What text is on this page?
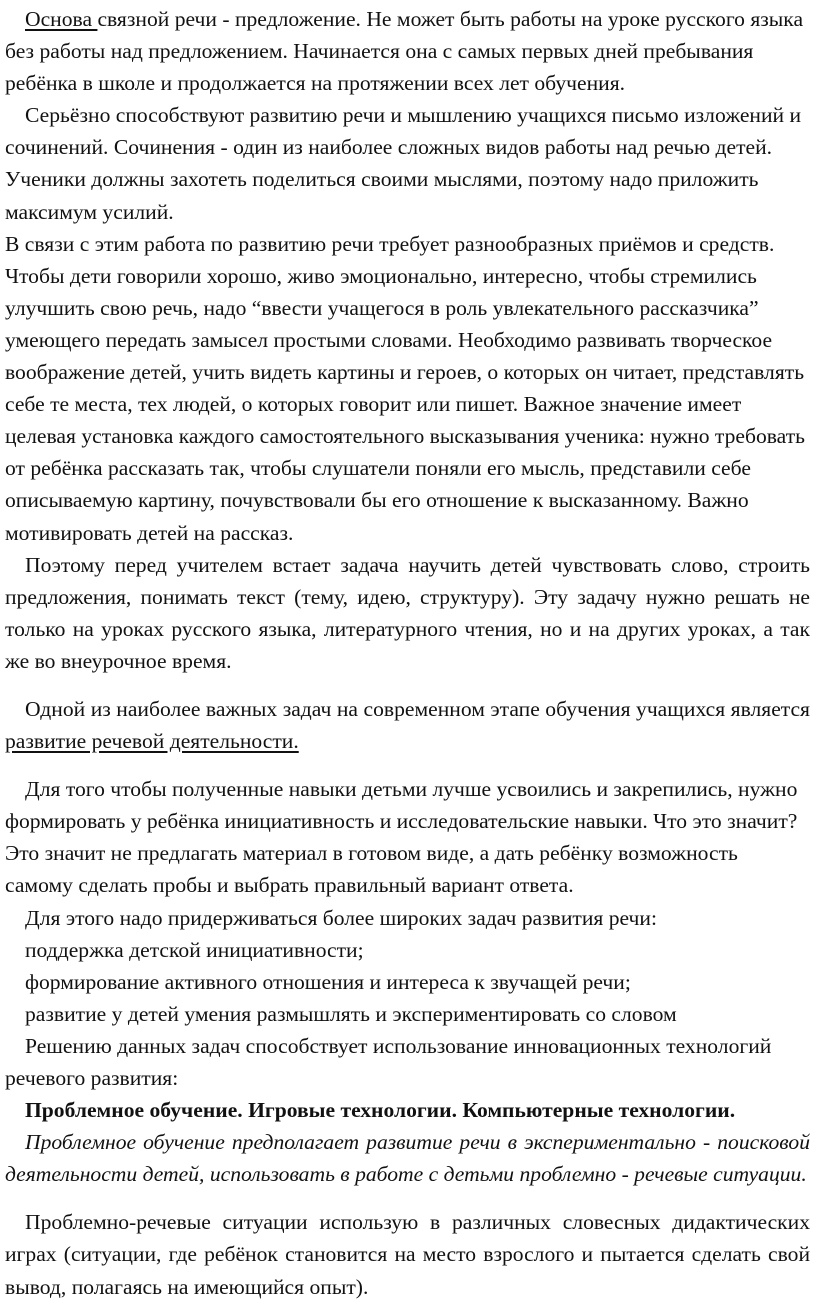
Основа связной речи - предложение. Не может быть работы на уроке русского языка без работы над предложением. Начинается она с самых первых дней пребывания ребёнка в школе и продолжается на протяжении всех лет обучения.

Серьёзно способствуют развитию речи и мышлению учащихся письмо изложений и сочинений. Сочинения - один из наиболее сложных видов работы над речью детей. Ученики должны захотеть поделиться своими мыслями, поэтому надо приложить максимум усилий.

В связи с этим работа по развитию речи требует разнообразных приёмов и средств. Чтобы дети говорили хорошо, живо эмоционально, интересно, чтобы стремились улучшить свою речь, надо “ввести учащегося в роль увлекательного рассказчика” умеющего передать замысел простыми словами. Необходимо развивать творческое воображение детей, учить видеть картины и героев, о которых он читает, представлять себе те места, тех людей, о которых говорит или пишет. Важное значение имеет целевая установка каждого самостоятельного высказывания ученика: нужно требовать от ребёнка рассказать так, чтобы слушатели поняли его мысль, представили себе описываемую картину, почувствовали бы его отношение к высказанному. Важно мотивировать детей на рассказ.

Поэтому перед учителем встает задача научить детей чувствовать слово, строить предложения, понимать текст (тему, идею, структуру). Эту задачу нужно решать не только на уроках русского языка, литературного чтения, но и на других уроках, а так же во внеурочное время.

Одной из наиболее важных задач на современном этапе обучения учащихся является развитие речевой деятельности.

Для того чтобы полученные навыки детьми лучше усвоились и закрепились, нужно формировать у ребёнка инициативность и исследовательские навыки. Что это значит? Это значит не предлагать материал в готовом виде, а дать ребёнку возможность самому сделать пробы и выбрать правильный вариант ответа.

Для этого надо придерживаться более широких задач развития речи:

поддержка детской инициативности;

формирование активного отношения и интереса к звучащей речи;

развитие у детей умения размышлять и экспериментировать со словом

Решению данных задач способствует использование инновационных технологий речевого развития:

Проблемное обучение. Игровые технологии. Компьютерные технологии.

Проблемное обучение предполагает развитие речи в экспериментально - поисковой деятельности детей, использовать в работе с детьми проблемно - речевые ситуации.

Проблемно-речевые ситуации использую в различных словесных дидактических играх (ситуации, где ребёнок становится на место взрослого и пытается сделать свой вывод, полагаясь на имеющийся опыт).
